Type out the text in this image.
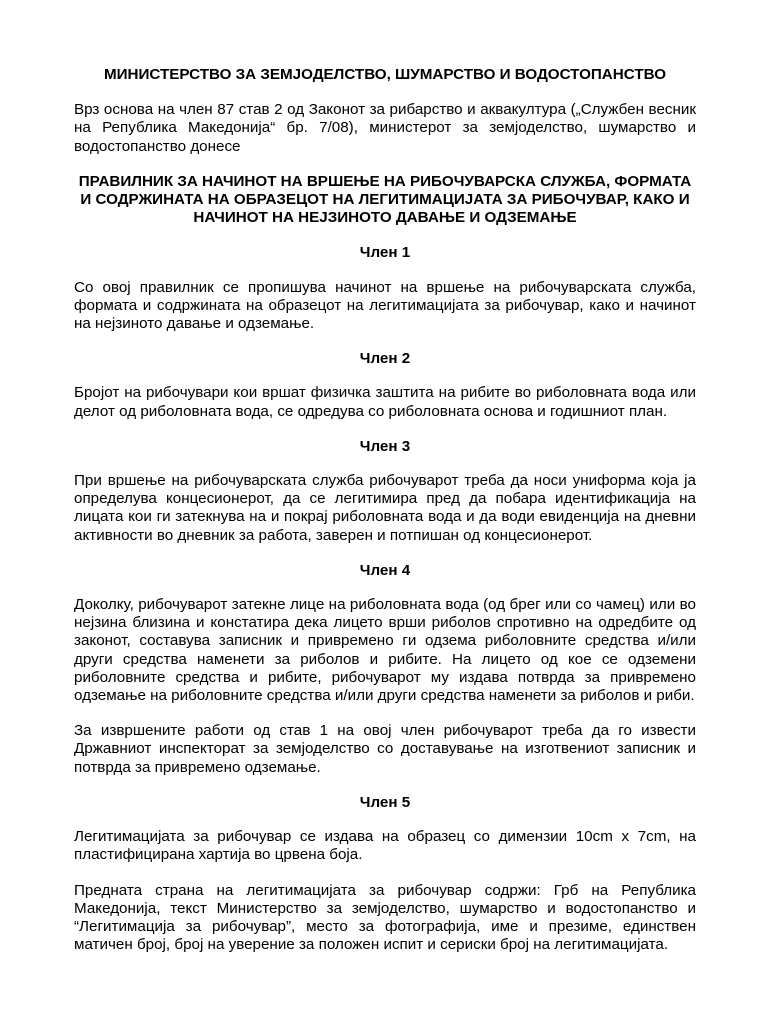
МИНИСТЕРСТВО ЗА ЗЕМЈОДЕЛСТВО, ШУМАРСТВО И ВОДОСТОПАНСТВО
Врз основа на член 87 став 2 од Законот за рибарство и аквакултура („Службен весник на Република Македонија“ бр. 7/08), министерот за земјоделство, шумарство и водостопанство донесе
ПРАВИЛНИК ЗА НАЧИНОТ НА ВРШЕЊЕ НА РИБОЧУВАРСКА СЛУЖБА, ФОРМАТА И СОДРЖИНАТА НА ОБРАЗЕЦОТ НА ЛЕГИТИМАЦИЈАТА ЗА РИБОЧУВАР, КАКО И НАЧИНОТ НА НЕЈЗИНОТО ДАВАЊЕ И ОДЗЕМАЊЕ
Член 1
Со овој правилник се пропишува начинот на вршење на рибочуварската служба, формата и содржината на образецот на легитимацијата за рибочувар, како и начинот на нејзиното давање и одземање.
Член 2
Бројот на рибочувари кои вршат физичка заштита на рибите во риболовната вода или делот од риболовната вода, се одредува со риболовната основа и годишниот план.
Член 3
При вршење на рибочуварската служба рибочуварот треба да носи униформа која ја определува концесионерот, да се легитимира пред да побара идентификација на лицата кои ги затекнува на и покрај риболовната вода и да води евиденција на дневни активности во дневник за работа, заверен и потпишан од концесионерот.
Член 4
Доколку, рибочуварот затекне лице на риболовната вода (од брег или со чамец) или во нејзина близина и констатира дека лицето врши риболов спротивно на одредбите од законот, составува записник и привремено ги одзема риболовните средства и/или други средства наменети за риболов и рибите. На лицето од кое се одземени риболовните средства и рибите, рибочуварот му издава потврда за привремено одземање на риболовните средства и/или други средства наменети за риболов и риби.
За извршените работи од став 1 на овој член рибочуварот треба да го извести Државниот инспекторат за земјоделство со доставување на изготвениот записник и потврда за привремено одземање.
Член 5
Легитимацијата за рибочувар се издава на образец со димензии 10cm x 7cm, на пластифицирана хартија во црвена боја.
Предната страна на легитимацијата за рибочувар содржи: Грб на Република Македонија, текст Министерство за земјоделство, шумарство и водостопанство и “Легитимација за рибочувар”, место за фотографија, име и презиме, единствен матичен број, број на уверение за положен испит и сериски број на легитимацијата.
